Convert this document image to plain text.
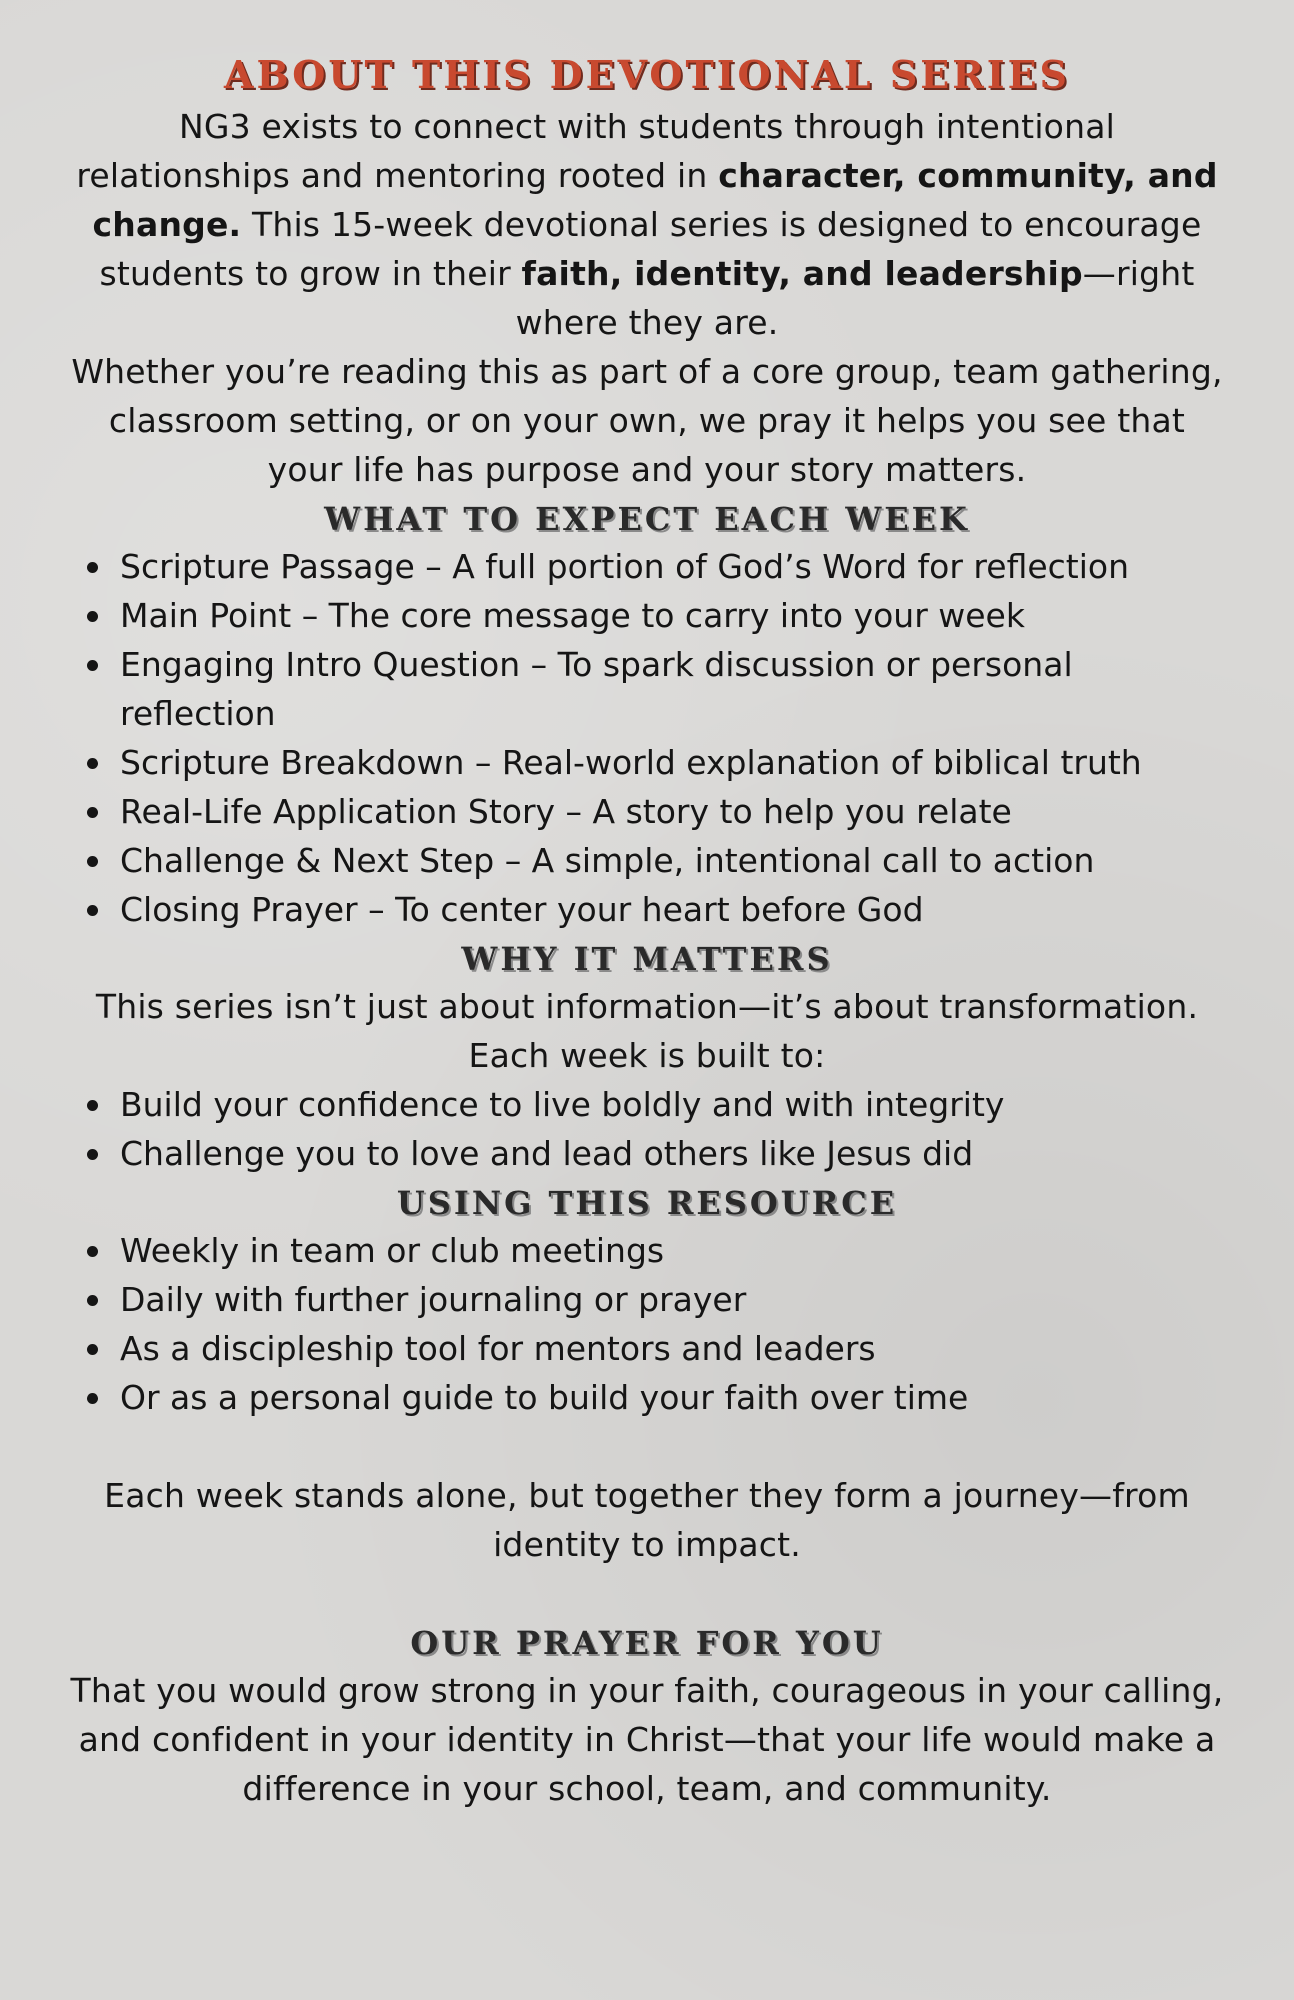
ABOUT THIS DEVOTIONAL SERIES

NG3 exists to connect with students through intentional relationships and mentoring rooted in character, community, and change. This 15-week devotional series is designed to encourage students to grow in their faith, identity, and leadership—right where they are.

Whether you’re reading this as part of a core group, team gathering, classroom setting, or on your own, we pray it helps you see that your life has purpose and your story matters.

WHAT TO EXPECT EACH WEEK
Scripture Passage – A full portion of God’s Word for reflection
Main Point – The core message to carry into your week
Engaging Intro Question – To spark discussion or personal reflection
Scripture Breakdown – Real-world explanation of biblical truth
Real-Life Application Story – A story to help you relate
Challenge & Next Step – A simple, intentional call to action
Closing Prayer – To center your heart before God
WHY IT MATTERS

This series isn’t just about information—it’s about transformation.

Each week is built to:

Build your confidence to live boldly and with integrity
Challenge you to love and lead others like Jesus did
USING THIS RESOURCE
Weekly in team or club meetings
Daily with further journaling or prayer
As a discipleship tool for mentors and leaders
Or as a personal guide to build your faith over time

Each week stands alone, but together they form a journey—from identity to impact.

OUR PRAYER FOR YOU

That you would grow strong in your faith, courageous in your calling, and confident in your identity in Christ—that your life would make a difference in your school, team, and community.
